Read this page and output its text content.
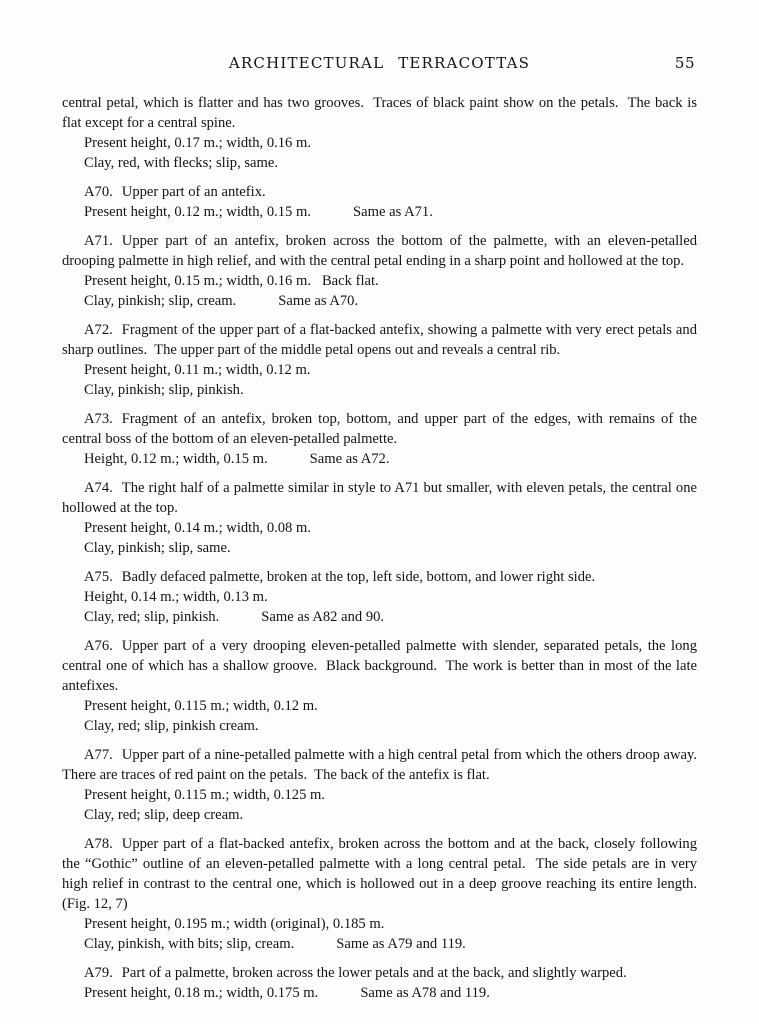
ARCHITECTURAL TERRACOTTAS	55

central petal, which is flatter and has two grooves.  Traces of black paint show on the petals.  The back is flat except for a central spine.

Present height, 0.17 m.; width, 0.16 m.

Clay, red, with flecks; slip, same.

A70. Upper part of an antefix.

Present height, 0.12 m.; width, 0.15 m.	Same as A71.

A71. Upper part of an antefix, broken across the bottom of the palmette, with an eleven-petalled drooping palmette in high relief, and with the central petal ending in a sharp point and hollowed at the top.

Present height, 0.15 m.; width, 0.16 m.   Back flat.

Clay, pinkish; slip, cream.	Same as A70.

A72. Fragment of the upper part of a flat-backed antefix, showing a palmette with very erect petals and sharp outlines.  The upper part of the middle petal opens out and reveals a central rib.

Present height, 0.11 m.; width, 0.12 m.

Clay, pinkish; slip, pinkish.

A73. Fragment of an antefix, broken top, bottom, and upper part of the edges, with remains of the central boss of the bottom of an eleven-petalled palmette.

Height, 0.12 m.; width, 0.15 m.	Same as A72.

A74. The right half of a palmette similar in style to A71 but smaller, with eleven petals, the central one hollowed at the top.

Present height, 0.14 m.; width, 0.08 m.

Clay, pinkish; slip, same.

A75. Badly defaced palmette, broken at the top, left side, bottom, and lower right side.

Height, 0.14 m.; width, 0.13 m.

Clay, red; slip, pinkish.	Same as A82 and 90.

A76. Upper part of a very drooping eleven-petalled palmette with slender, separated petals, the long central one of which has a shallow groove.  Black background.  The work is better than in most of the late antefixes.

Present height, 0.115 m.; width, 0.12 m.

Clay, red; slip, pinkish cream.

A77. Upper part of a nine-petalled palmette with a high central petal from which the others droop away.  There are traces of red paint on the petals.  The back of the antefix is flat.

Present height, 0.115 m.; width, 0.125 m.

Clay, red; slip, deep cream.

A78. Upper part of a flat-backed antefix, broken across the bottom and at the back, closely following the “Gothic” outline of an eleven-petalled palmette with a long central petal.  The side petals are in very high relief in contrast to the central one, which is hollowed out in a deep groove reaching its entire length.  (Fig. 12, 7)

Present height, 0.195 m.; width (original), 0.185 m.

Clay, pinkish, with bits; slip, cream.	Same as A79 and 119.

A79. Part of a palmette, broken across the lower petals and at the back, and slightly warped.

Present height, 0.18 m.; width, 0.175 m.	Same as A78 and 119.
